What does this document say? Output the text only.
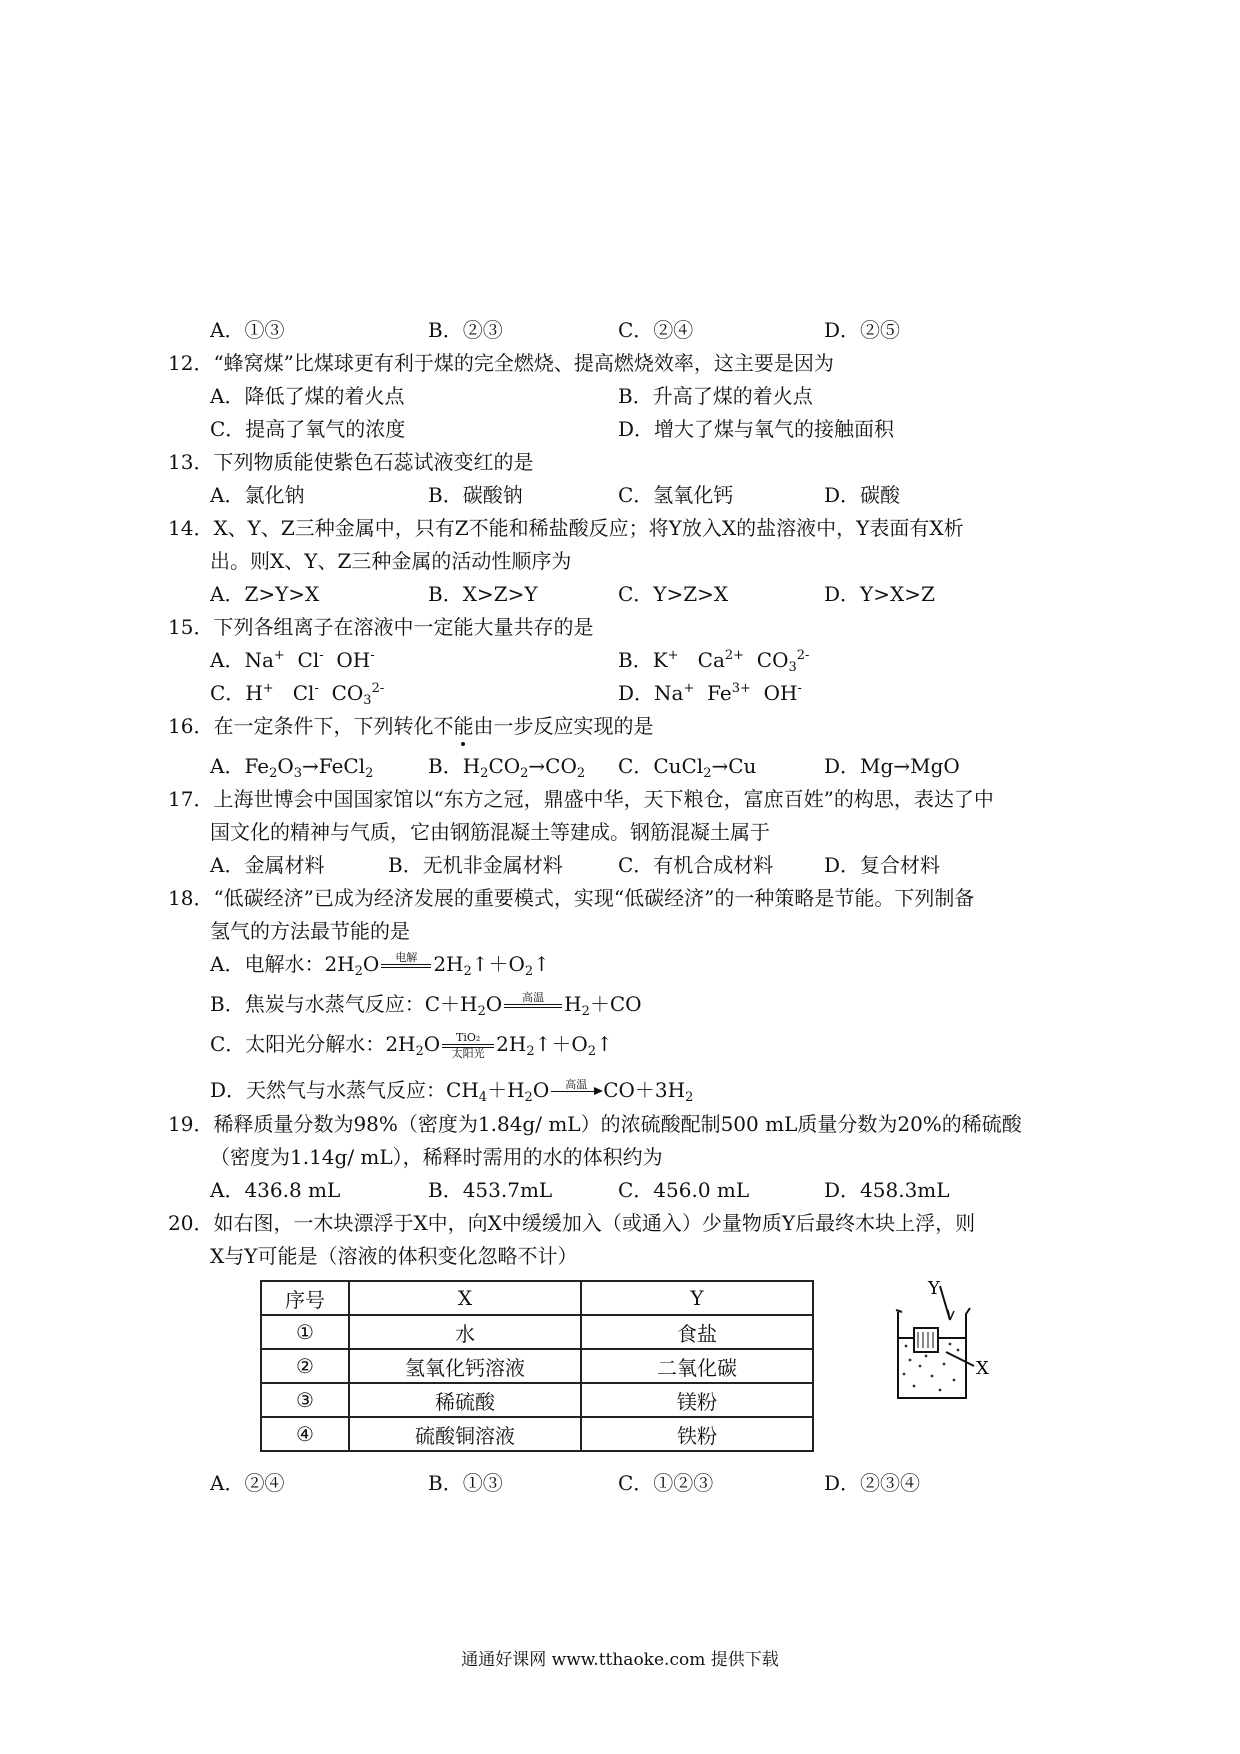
A．①③	B．②③	C．②④	D．②⑤
12．“蜂窝煤”比煤球更有利于煤的完全燃烧、提高燃烧效率，这主要是因为
A．降低了煤的着火点	B．升高了煤的着火点
C．提高了氧气的浓度	D．增大了煤与氧气的接触面积
13．下列物质能使紫色石蕊试液变红的是
A．氯化钠	B．碳酸钠	C．氢氧化钙	D．碳酸
14．X、Y、Z三种金属中，只有Z不能和稀盐酸反应；将Y放入X的盐溶液中，Y表面有X析
出。则X、Y、Z三种金属的活动性顺序为
A．Z>Y>X	B．X>Z>Y	C．Y>Z>X	D．Y>X>Z
15．下列各组离子在溶液中一定能大量共存的是
A．Na+  Cl-  OH-	B．K+   $Ca^{2+}$  $CO_3^{2-}$
C．H+   Cl-  $CO_3^{2-}$	D．Na+  $Fe^{3+}$  OH-
16．在一定条件下，下列转化不能由一步反应实现的是
A．$Fe_2O_3\to FeCl_2$	B．$H_2CO_2\to CO_2$ C．CuCl$_2$→Cu	D．Mg→MgO
17．上海世博会中国国家馆以“东方之冠，鼎盛中华，天下粮仓，富庶百姓”的构思，表达了中
国文化的精神与气质，它由钢筋混凝土等建成。钢筋混凝土属于
A．金属材料	B．无机非金属材料	C．有机合成材料	D．复合材料
18．“低碳经济”已成为经济发展的重要模式，实现“低碳经济”的一种策略是节能。下列制备
氢气的方法最节能的是
A．电解水：$2H_2O$	电解
$2H_2↑+O_2↑$
B．焦炭与水蒸气反应：$C+H_2O$	高温
	$H_2+CO$
C．太阳光分解水：$2H_2O$	TiO₂
太阳光 $2H_2↑+O_2↑$
D．天然气与水蒸气反应：$CH_4+H_2O$	高温
$CO+3H_2$
19．稀释质量分数为98%（密度为1.84g/ mL）的浓硫酸配制500 mL质量分数为20%的稀硫酸
（密度为1.14g/ mL），稀释时需用的水的体积约为
A．436.8 mL	B．453.7mL	C．456.0 mL	D．458.3mL
20．如右图，一木块漂浮于X中，向X中缓缓加入（或通入）少量物质Y后最终木块上浮，则
X与Y可能是（溶液的体积变化忽略不计）
序号	X	Y
①	水	食盐
②	氢氧化钙溶液	二氧化碳
③	稀硫酸	镁粉
④	硫酸铜溶液	铁粉
Y
X
A．②④	B．①③	C．①②③	D．②③④
通通好课网 www.tthaoke.com 提供下载
